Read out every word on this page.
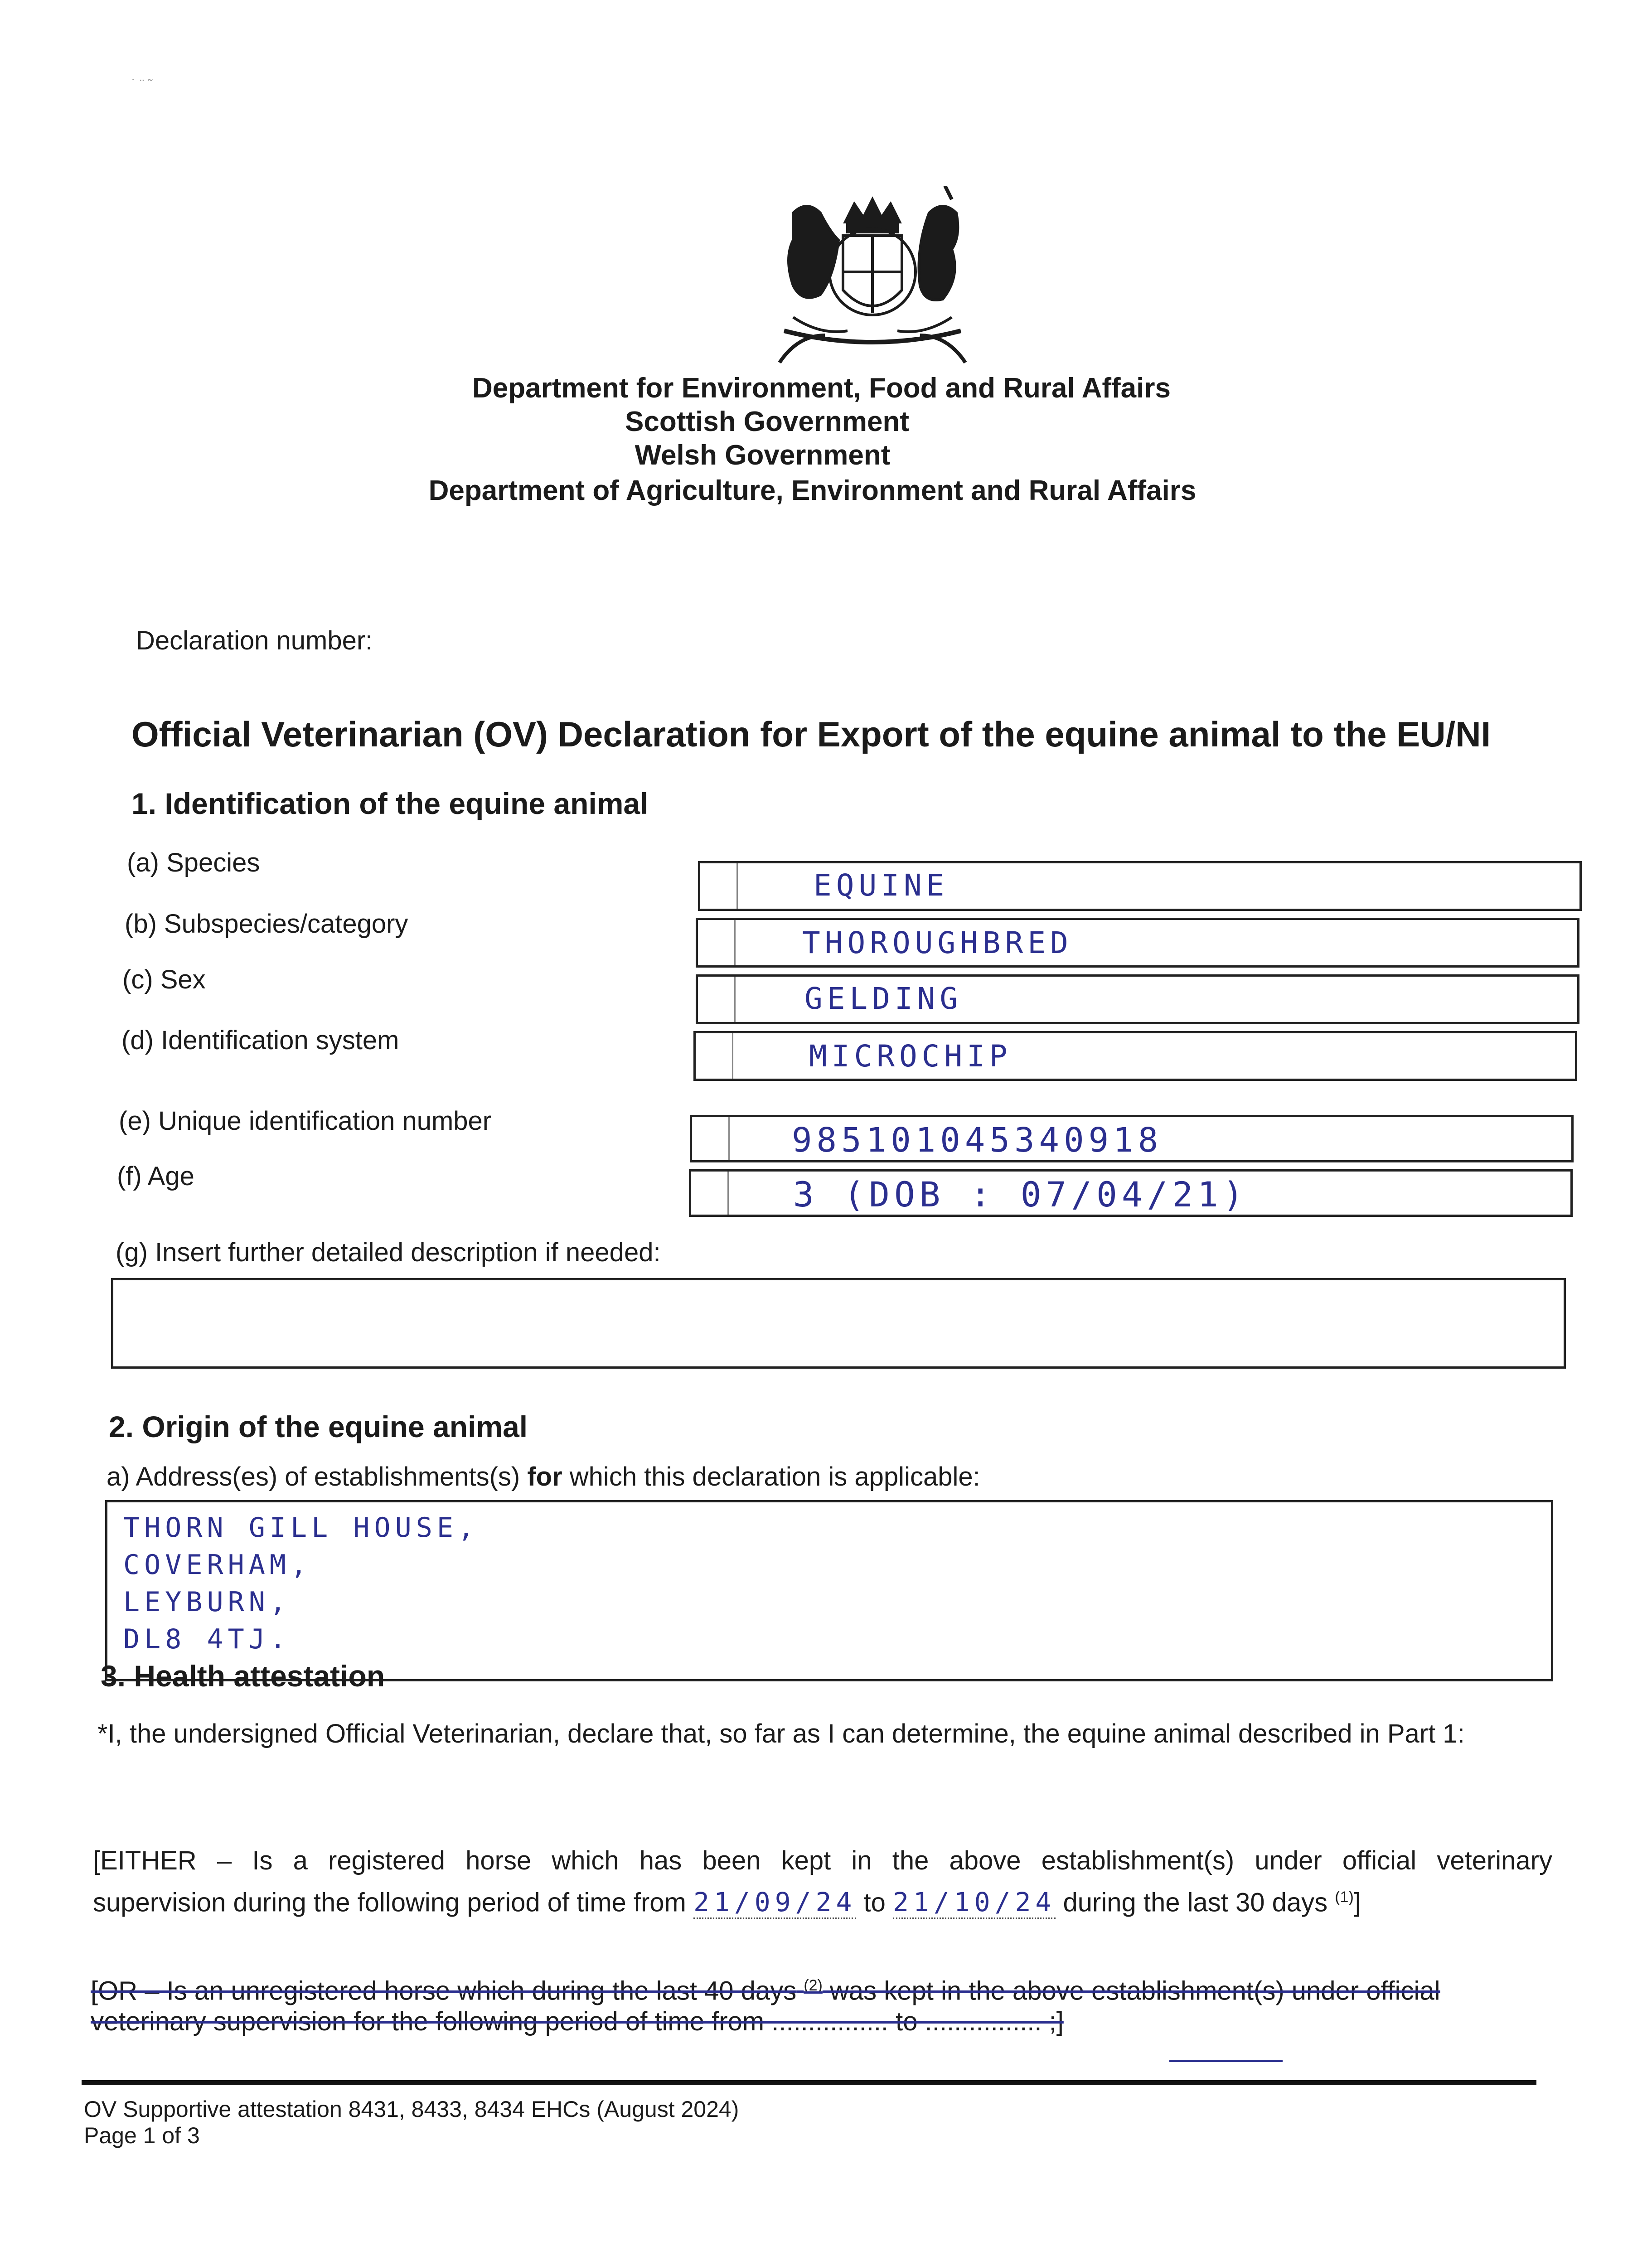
˙ ¨ ˜
Department for Environment, Food and Rural Affairs
Scottish Government
Welsh Government
Department of Agriculture, Environment and Rural Affairs
Declaration number:
Official Veterinarian (OV) Declaration for Export of the equine animal to the EU/NI
1. Identification of the equine animal
(a) Species
(b) Subspecies/category
(c) Sex
(d) Identification system
(e) Unique identification number
(f) Age
EQUINE
THOROUGHBRED
GELDING
MICROCHIP
985101045340918
3 (DOB : 07/04/21)
(g) Insert further detailed description if needed:
2. Origin of the equine animal
a) Address(es) of establishments(s) for which this declaration is applicable:
THORN GILL HOUSE,
COVERHAM,
LEYBURN,
DL8 4TJ.
3. Health attestation
*I, the undersigned Official Veterinarian, declare that, so far as I can determine, the equine animal described in Part 1:
[EITHER – Is a registered horse which has been kept in the above establishment(s) under official veterinary
supervision during the following period of time from 21/09/24 to 21/10/24 during the last 30 days $^{(1)}$]
[OR – Is an unregistered horse which during the last 40 days $^{(2)}$ was kept in the above establishment(s) under official
veterinary supervision for the following period of time from ................ to ................ ;]
OV Supportive attestation 8431, 8433, 8434 EHCs (August 2024)
Page 1 of 3
